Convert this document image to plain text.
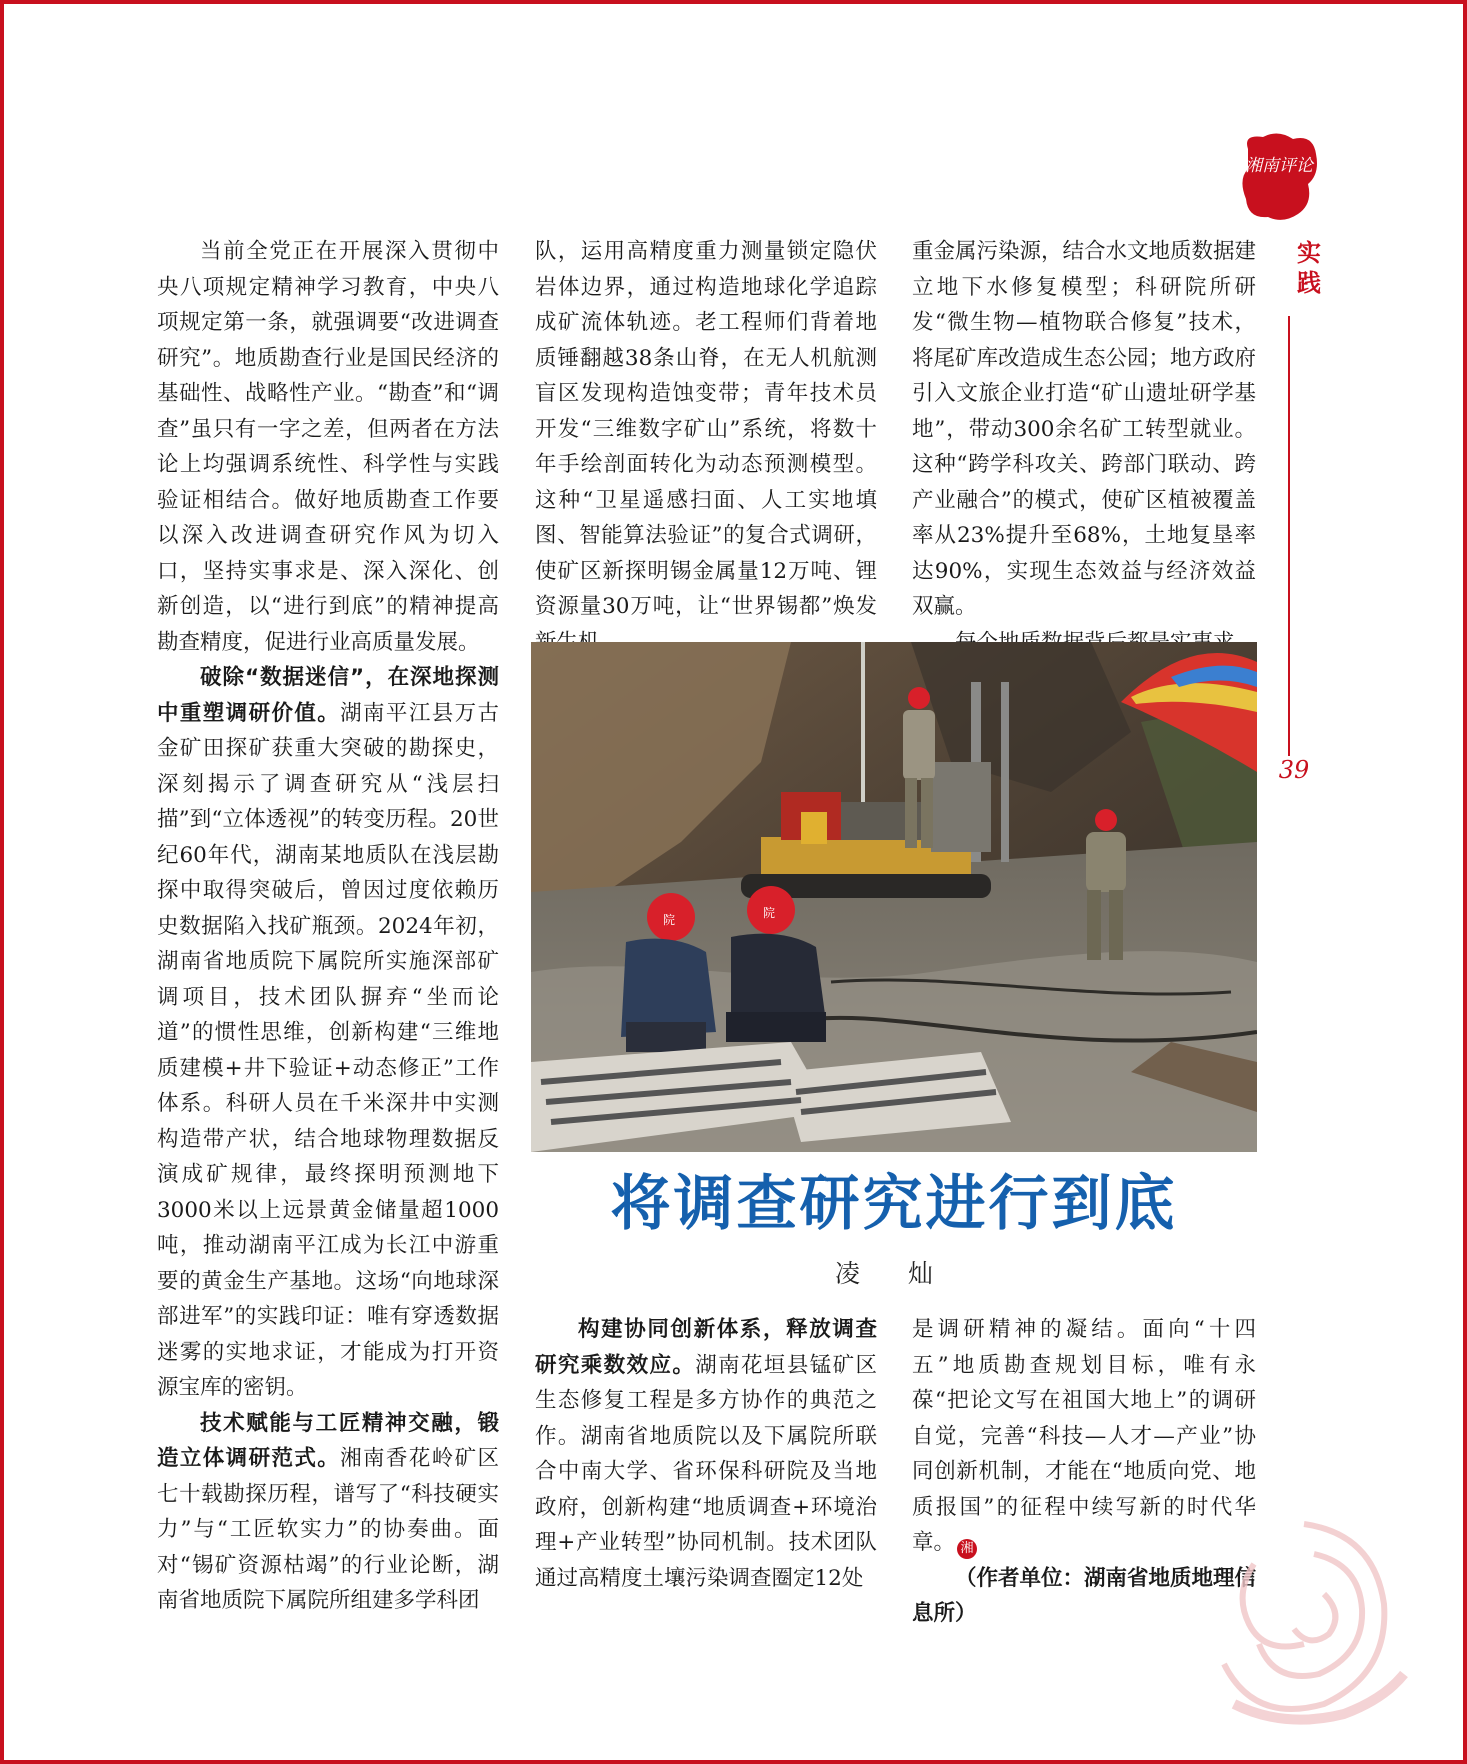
当前全党正在开展深入贯彻中央八项规定精神学习教育，中央八项规定第一条，就强调要“改进调查研究”。地质勘查行业是国民经济的基础性、战略性产业。“勘查”和“调查”虽只有一字之差，但两者在方法论上均强调系统性、科学性与实践验证相结合。做好地质勘查工作要以深入改进调查研究作风为切入口，坚持实事求是、深入深化、创新创造，以“进行到底”的精神提高勘查精度，促进行业高质量发展。

破除“数据迷信”，在深地探测中重塑调研价值。湖南平江县万古金矿田探矿获重大突破的勘探史，深刻揭示了调查研究从“浅层扫描”到“立体透视”的转变历程。20世纪60年代，湖南某地质队在浅层勘探中取得突破后，曾因过度依赖历史数据陷入找矿瓶颈。2024年初，湖南省地质院下属院所实施深部矿调项目，技术团队摒弃“坐而论道”的惯性思维，创新构建“三维地质建模+井下验证+动态修正”工作体系。科研人员在千米深井中实测构造带产状，结合地球物理数据反演成矿规律，最终探明预测地下3000米以上远景黄金储量超1000吨，推动湖南平江成为长江中游重要的黄金生产基地。这场“向地球深部进军”的实践印证：唯有穿透数据迷雾的实地求证，才能成为打开资源宝库的密钥。

技术赋能与工匠精神交融，锻造立体调研范式。湘南香花岭矿区七十载勘探历程，谱写了“科技硬实力”与“工匠软实力”的协奏曲。面对“锡矿资源枯竭”的行业论断，湖南省地质院下属院所组建多学科团

队，运用高精度重力测量锁定隐伏岩体边界，通过构造地球化学追踪成矿流体轨迹。老工程师们背着地质锤翻越38条山脊，在无人机航测盲区发现构造蚀变带；青年技术员开发“三维数字矿山”系统，将数十年手绘剖面转化为动态预测模型。这种“卫星遥感扫面、人工实地填图、智能算法验证”的复合式调研，使矿区新探明锡金属量12万吨、锂资源量30万吨，让“世界锡都”焕发

重金属污染源，结合水文地质数据建立地下水修复模型；科研院所研发“微生物—植物联合修复”技术，将尾矿库改造成生态公园；地方政府引入文旅企业打造“矿山遗址研学基地”，带动300余名矿工转型就业。这种“跨学科攻关、跨部门联动、跨产业融合”的模式，使矿区植被覆盖率从23%提升至68%，土地复垦率达90%，实现生态效益与经济效益双赢。

院	院
将调查研究进行到底
凌 灿

构建协同创新体系，释放调查研究乘数效应。湖南花垣县锰矿区生态修复工程是多方协作的典范之作。湖南省地质院以及下属院所联合中南大学、省环保科研院及当地政府，创新构建“地质调查+环境治理+产业转型”协同机制。技术团队通过高精度土壤污染调查圈定12处

是调研精神的凝结。面向“十四五”地质勘查规划目标，唯有永葆“把论文写在祖国大地上”的调研自觉，完善“科技—人才—产业”协同创新机制，才能在“地质向党、地质报国”的征程中续写新的时代华章。 湘

（作者单位：湖南省地质地理信息所）

湘南评论
实践
39
